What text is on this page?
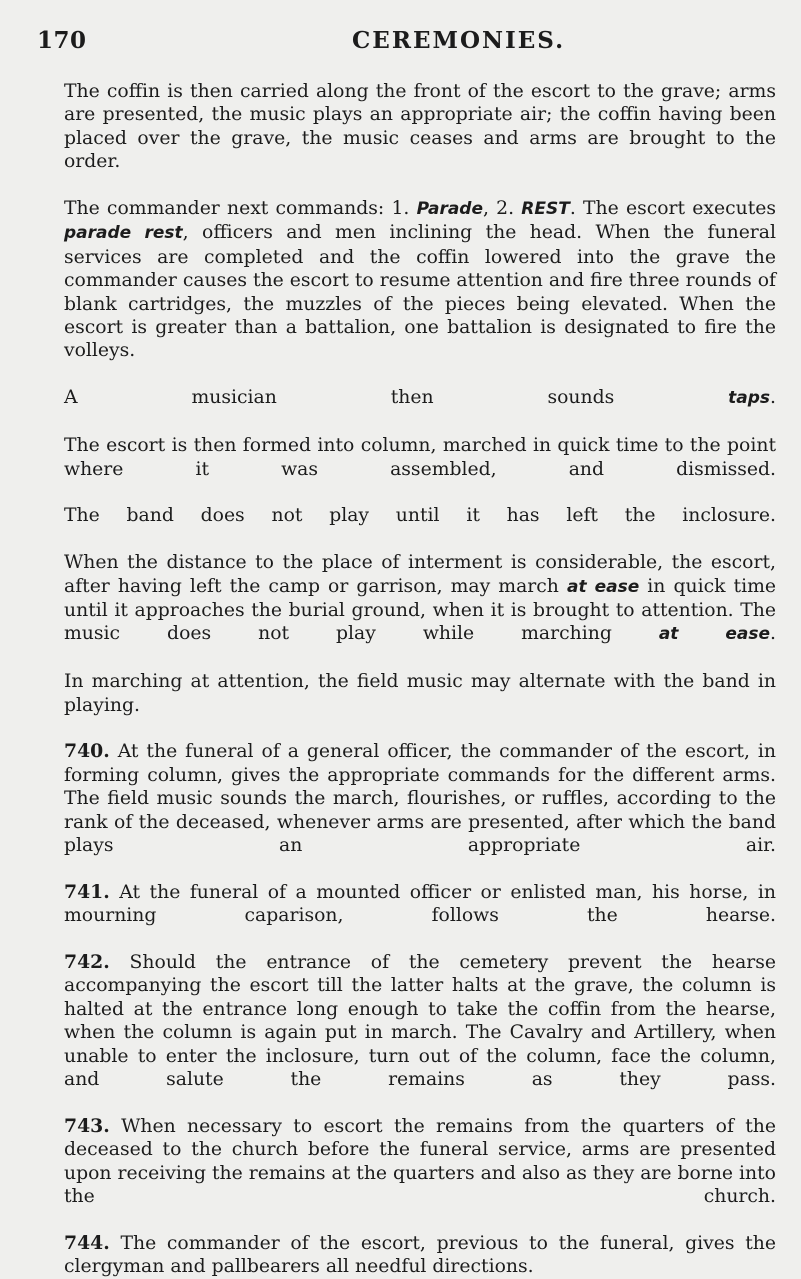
170	CEREMONIES.

The coffin is then carried along the front of the escort to the grave; arms are presented, the music plays an appropriate air; the coffin having been placed over the grave, the music ceases and arms are brought to the order.

The commander next commands: 1. Parade, 2. REST. The escort executes parade rest, officers and men inclining the head. When the funeral services are completed and the coffin lowered into the grave the commander causes the escort to resume attention and fire three rounds of blank cartridges, the muzzles of the pieces being elevated. When the escort is greater than a battalion, one battalion is designated to fire the volleys.

A musician then sounds taps.

The escort is then formed into column, marched in quick time to the point where it was assembled, and dismissed.

The band does not play until it has left the inclosure.

When the distance to the place of interment is considerable, the escort, after having left the camp or garrison, may march at ease in quick time until it approaches the burial ground, when it is brought to attention. The music does not play while marching at ease.

In marching at attention, the field music may alternate with the band in playing.

740. At the funeral of a general officer, the commander of the escort, in forming column, gives the appropriate commands for the different arms. The field music sounds the march, flourishes, or ruffles, according to the rank of the deceased, whenever arms are presented, after which the band plays an appropriate air.

741. At the funeral of a mounted officer or enlisted man, his horse, in mourning caparison, follows the hearse.

742. Should the entrance of the cemetery prevent the hearse accompanying the escort till the latter halts at the grave, the column is halted at the entrance long enough to take the coffin from the hearse, when the column is again put in march. The Cavalry and Artillery, when unable to enter the inclosure, turn out of the column, face the column, and salute the remains as they pass.

743. When necessary to escort the remains from the quarters of the deceased to the church before the funeral service, arms are presented upon receiving the remains at the quarters and also as they are borne into the church.

744. The commander of the escort, previous to the funeral, gives the clergyman and pallbearers all needful directions.
